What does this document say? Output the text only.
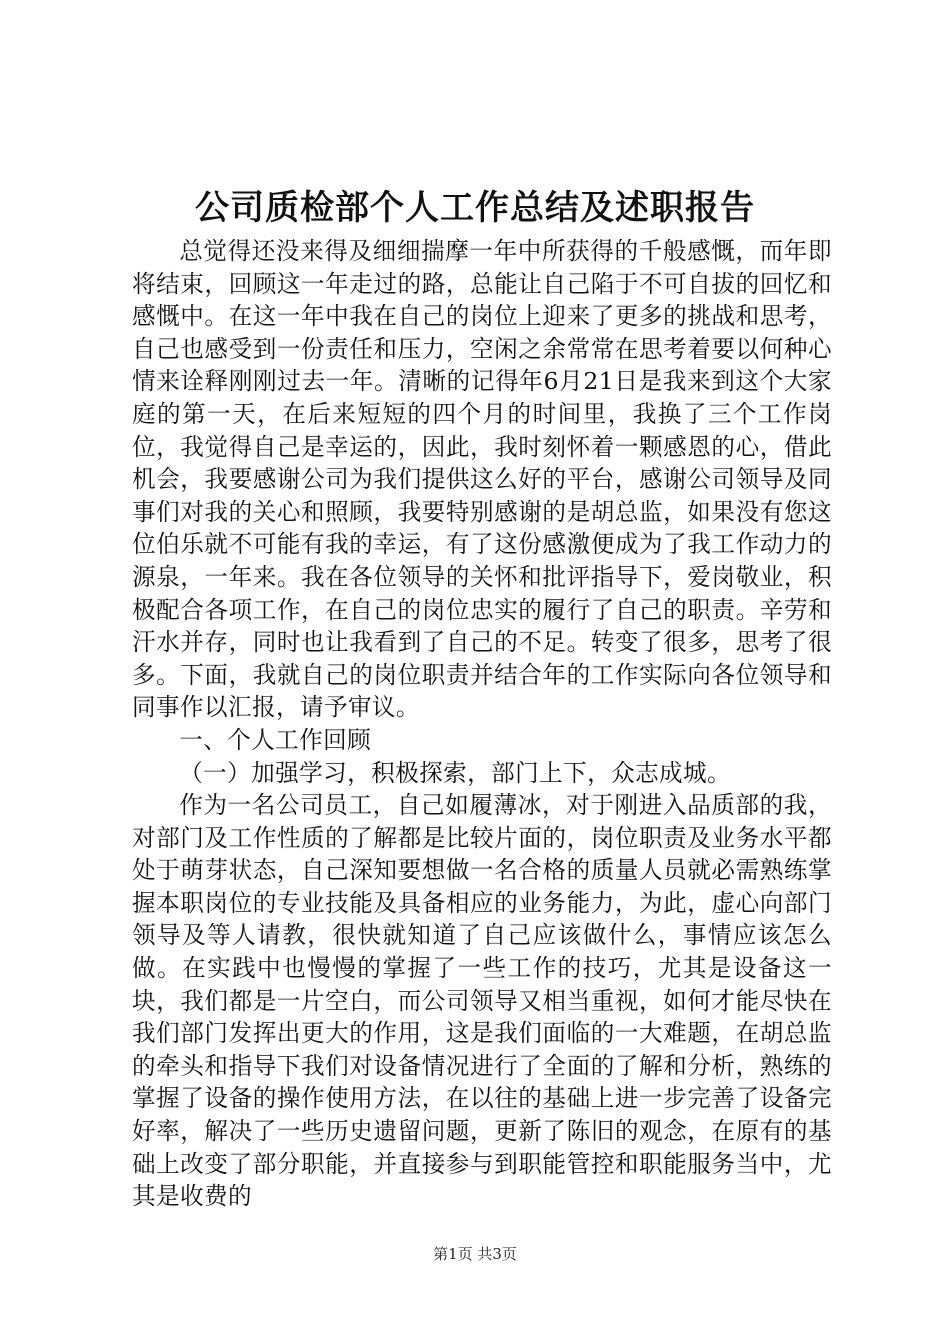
公司质检部个人工作总结及述职报告

总觉得还没来得及细细揣摩一年中所获得的千般感慨，而年即将结束，回顾这一年走过的路，总能让自己陷于不可自拔的回忆和感慨中。在这一年中我在自己的岗位上迎来了更多的挑战和思考，自己也感受到一份责任和压力，空闲之余常常在思考着要以何种心情来诠释刚刚过去一年。清晰的记得年6月21日是我来到这个大家庭的第一天，在后来短短的四个月的时间里，我换了三个工作岗位，我觉得自己是幸运的，因此，我时刻怀着一颗感恩的心，借此机会，我要感谢公司为我们提供这么好的平台，感谢公司领导及同事们对我的关心和照顾，我要特别感谢的是胡总监，如果没有您这位伯乐就不可能有我的幸运，有了这份感激便成为了我工作动力的源泉，一年来。我在各位领导的关怀和批评指导下，爱岗敬业，积极配合各项工作，在自己的岗位忠实的履行了自己的职责。辛劳和汗水并存，同时也让我看到了自己的不足。转变了很多，思考了很多。下面，我就自己的岗位职责并结合年的工作实际向各位领导和同事作以汇报，请予审议。

一、个人工作回顾

（一）加强学习，积极探索，部门上下，众志成城。

作为一名公司员工，自己如履薄冰，对于刚进入品质部的我，对部门及工作性质的了解都是比较片面的，岗位职责及业务水平都处于萌芽状态，自己深知要想做一名合格的质量人员就必需熟练掌握本职岗位的专业技能及具备相应的业务能力，为此，虚心向部门领导及等人请教，很快就知道了自己应该做什么，事情应该怎么做。在实践中也慢慢的掌握了一些工作的技巧，尤其是设备这一块，我们都是一片空白，而公司领导又相当重视，如何才能尽快在我们部门发挥出更大的作用，这是我们面临的一大难题，在胡总监的牵头和指导下我们对设备情况进行了全面的了解和分析，熟练的掌握了设备的操作使用方法，在以往的基础上进一步完善了设备完好率，解决了一些历史遗留问题，更新了陈旧的观念，在原有的基础上改变了部分职能，并直接参与到职能管控和职能服务当中，尤其是收费的

第1页 共3页
